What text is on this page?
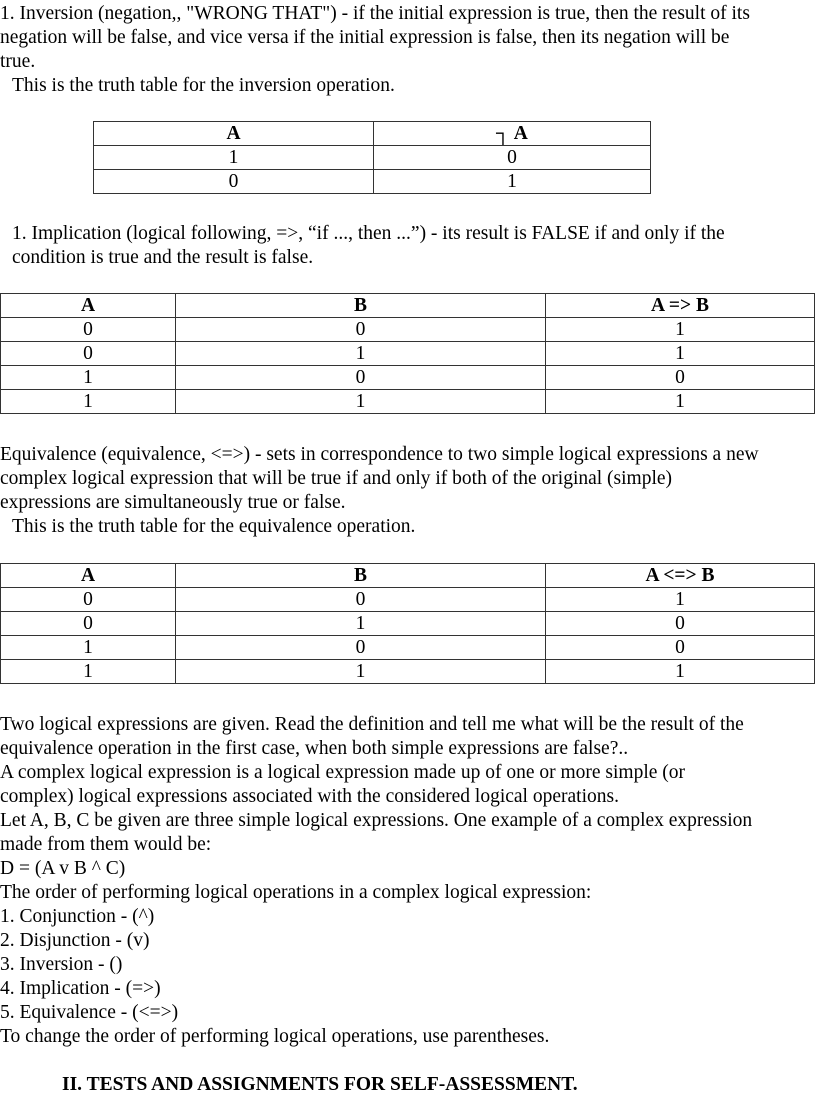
1. Inversion (negation,, "WRONG THAT") - if the initial expression is true, then the result of its
negation will be false, and vice versa if the initial expression is false, then its negation will be
true.
This is the truth table for the inversion operation.
A	┐ A
1	0
0	1
1. Implication (logical following, =>, “if ..., then ...”) - its result is FALSE if and only if the
condition is true and the result is false.
A	B	A => B
0	0	1
0	1	1
1	0	0
1	1	1
Equivalence (equivalence, <=>) - sets in correspondence to two simple logical expressions a new
complex logical expression that will be true if and only if both of the original (simple)
expressions are simultaneously true or false.
This is the truth table for the equivalence operation.
A	B	A <=> B
0	0	1
0	1	0
1	0	0
1	1	1
Two logical expressions are given. Read the definition and tell me what will be the result of the
equivalence operation in the first case, when both simple expressions are false?..
A complex logical expression is a logical expression made up of one or more simple (or
complex) logical expressions associated with the considered logical operations.
Let A, B, C be given are three simple logical expressions. One example of a complex expression
made from them would be:
D = (A v B ^ C)
The order of performing logical operations in a complex logical expression:
1. Conjunction - (^)
2. Disjunction - (v)
3. Inversion - ()
4. Implication - (=>)
5. Equivalence - (<=>)
To change the order of performing logical operations, use parentheses.
II. TESTS AND ASSIGNMENTS FOR SELF-ASSESSMENT.
